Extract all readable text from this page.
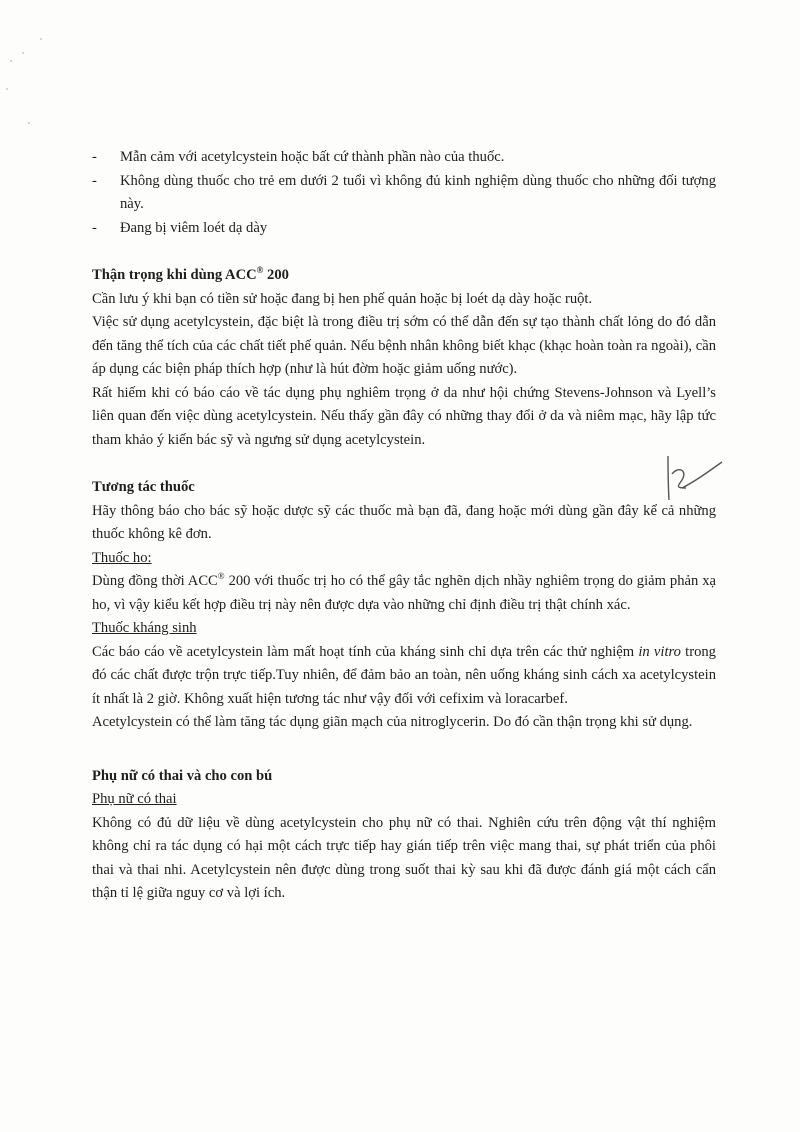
- Mẫn cảm với acetylcystein hoặc bất cứ thành phần nào của thuốc.
- Không dùng thuốc cho trẻ em dưới 2 tuổi vì không đủ kinh nghiệm dùng thuốc cho những đối tượng này.
- Đang bị viêm loét dạ dày
Thận trọng khi dùng ACC® 200

Cần lưu ý khi bạn có tiền sử hoặc đang bị hen phế quản hoặc bị loét dạ dày hoặc ruột.

Việc sử dụng acetylcystein, đặc biệt là trong điều trị sớm có thể dẫn đến sự tạo thành chất lỏng do đó dẫn đến tăng thể tích của các chất tiết phế quản. Nếu bệnh nhân không biết khạc (khạc hoàn toàn ra ngoài), cần áp dụng các biện pháp thích hợp (như là hút đờm hoặc giảm uống nước).

Rất hiếm khi có báo cáo về tác dụng phụ nghiêm trọng ở da như hội chứng Stevens-Johnson và Lyell’s liên quan đến việc dùng acetylcystein. Nếu thấy gần đây có những thay đổi ở da và niêm mạc, hãy lập tức tham khảo ý kiến bác sỹ và ngưng sử dụng acetylcystein.

Tương tác thuốc

Hãy thông báo cho bác sỹ hoặc dược sỹ các thuốc mà bạn đã, đang hoặc mới dùng gần đây kể cả những thuốc không kê đơn.

Thuốc ho:

Dùng đồng thời ACC® 200 với thuốc trị ho có thể gây tắc nghẽn dịch nhầy nghiêm trọng do giảm phản xạ ho, vì vậy kiểu kết hợp điều trị này nên được dựa vào những chỉ định điều trị thật chính xác.

Thuốc kháng sinh

Các báo cáo về acetylcystein làm mất hoạt tính của kháng sinh chỉ dựa trên các thử nghiệm in vitro trong đó các chất được trộn trực tiếp.Tuy nhiên, để đảm bảo an toàn, nên uống kháng sinh cách xa acetylcystein ít nhất là 2 giờ. Không xuất hiện tương tác như vậy đối với cefixim và loracarbef.

Acetylcystein có thể làm tăng tác dụng giãn mạch của nitroglycerin. Do đó cần thận trọng khi sử dụng.

Phụ nữ có thai và cho con bú

Phụ nữ có thai

Không có đủ dữ liệu về dùng acetylcystein cho phụ nữ có thai. Nghiên cứu trên động vật thí nghiệm không chỉ ra tác dụng có hại một cách trực tiếp hay gián tiếp trên việc mang thai, sự phát triển của phôi thai và thai nhi. Acetylcystein nên được dùng trong suốt thai kỳ sau khi đã được đánh giá một cách cẩn thận tỉ lệ giữa nguy cơ và lợi ích.
